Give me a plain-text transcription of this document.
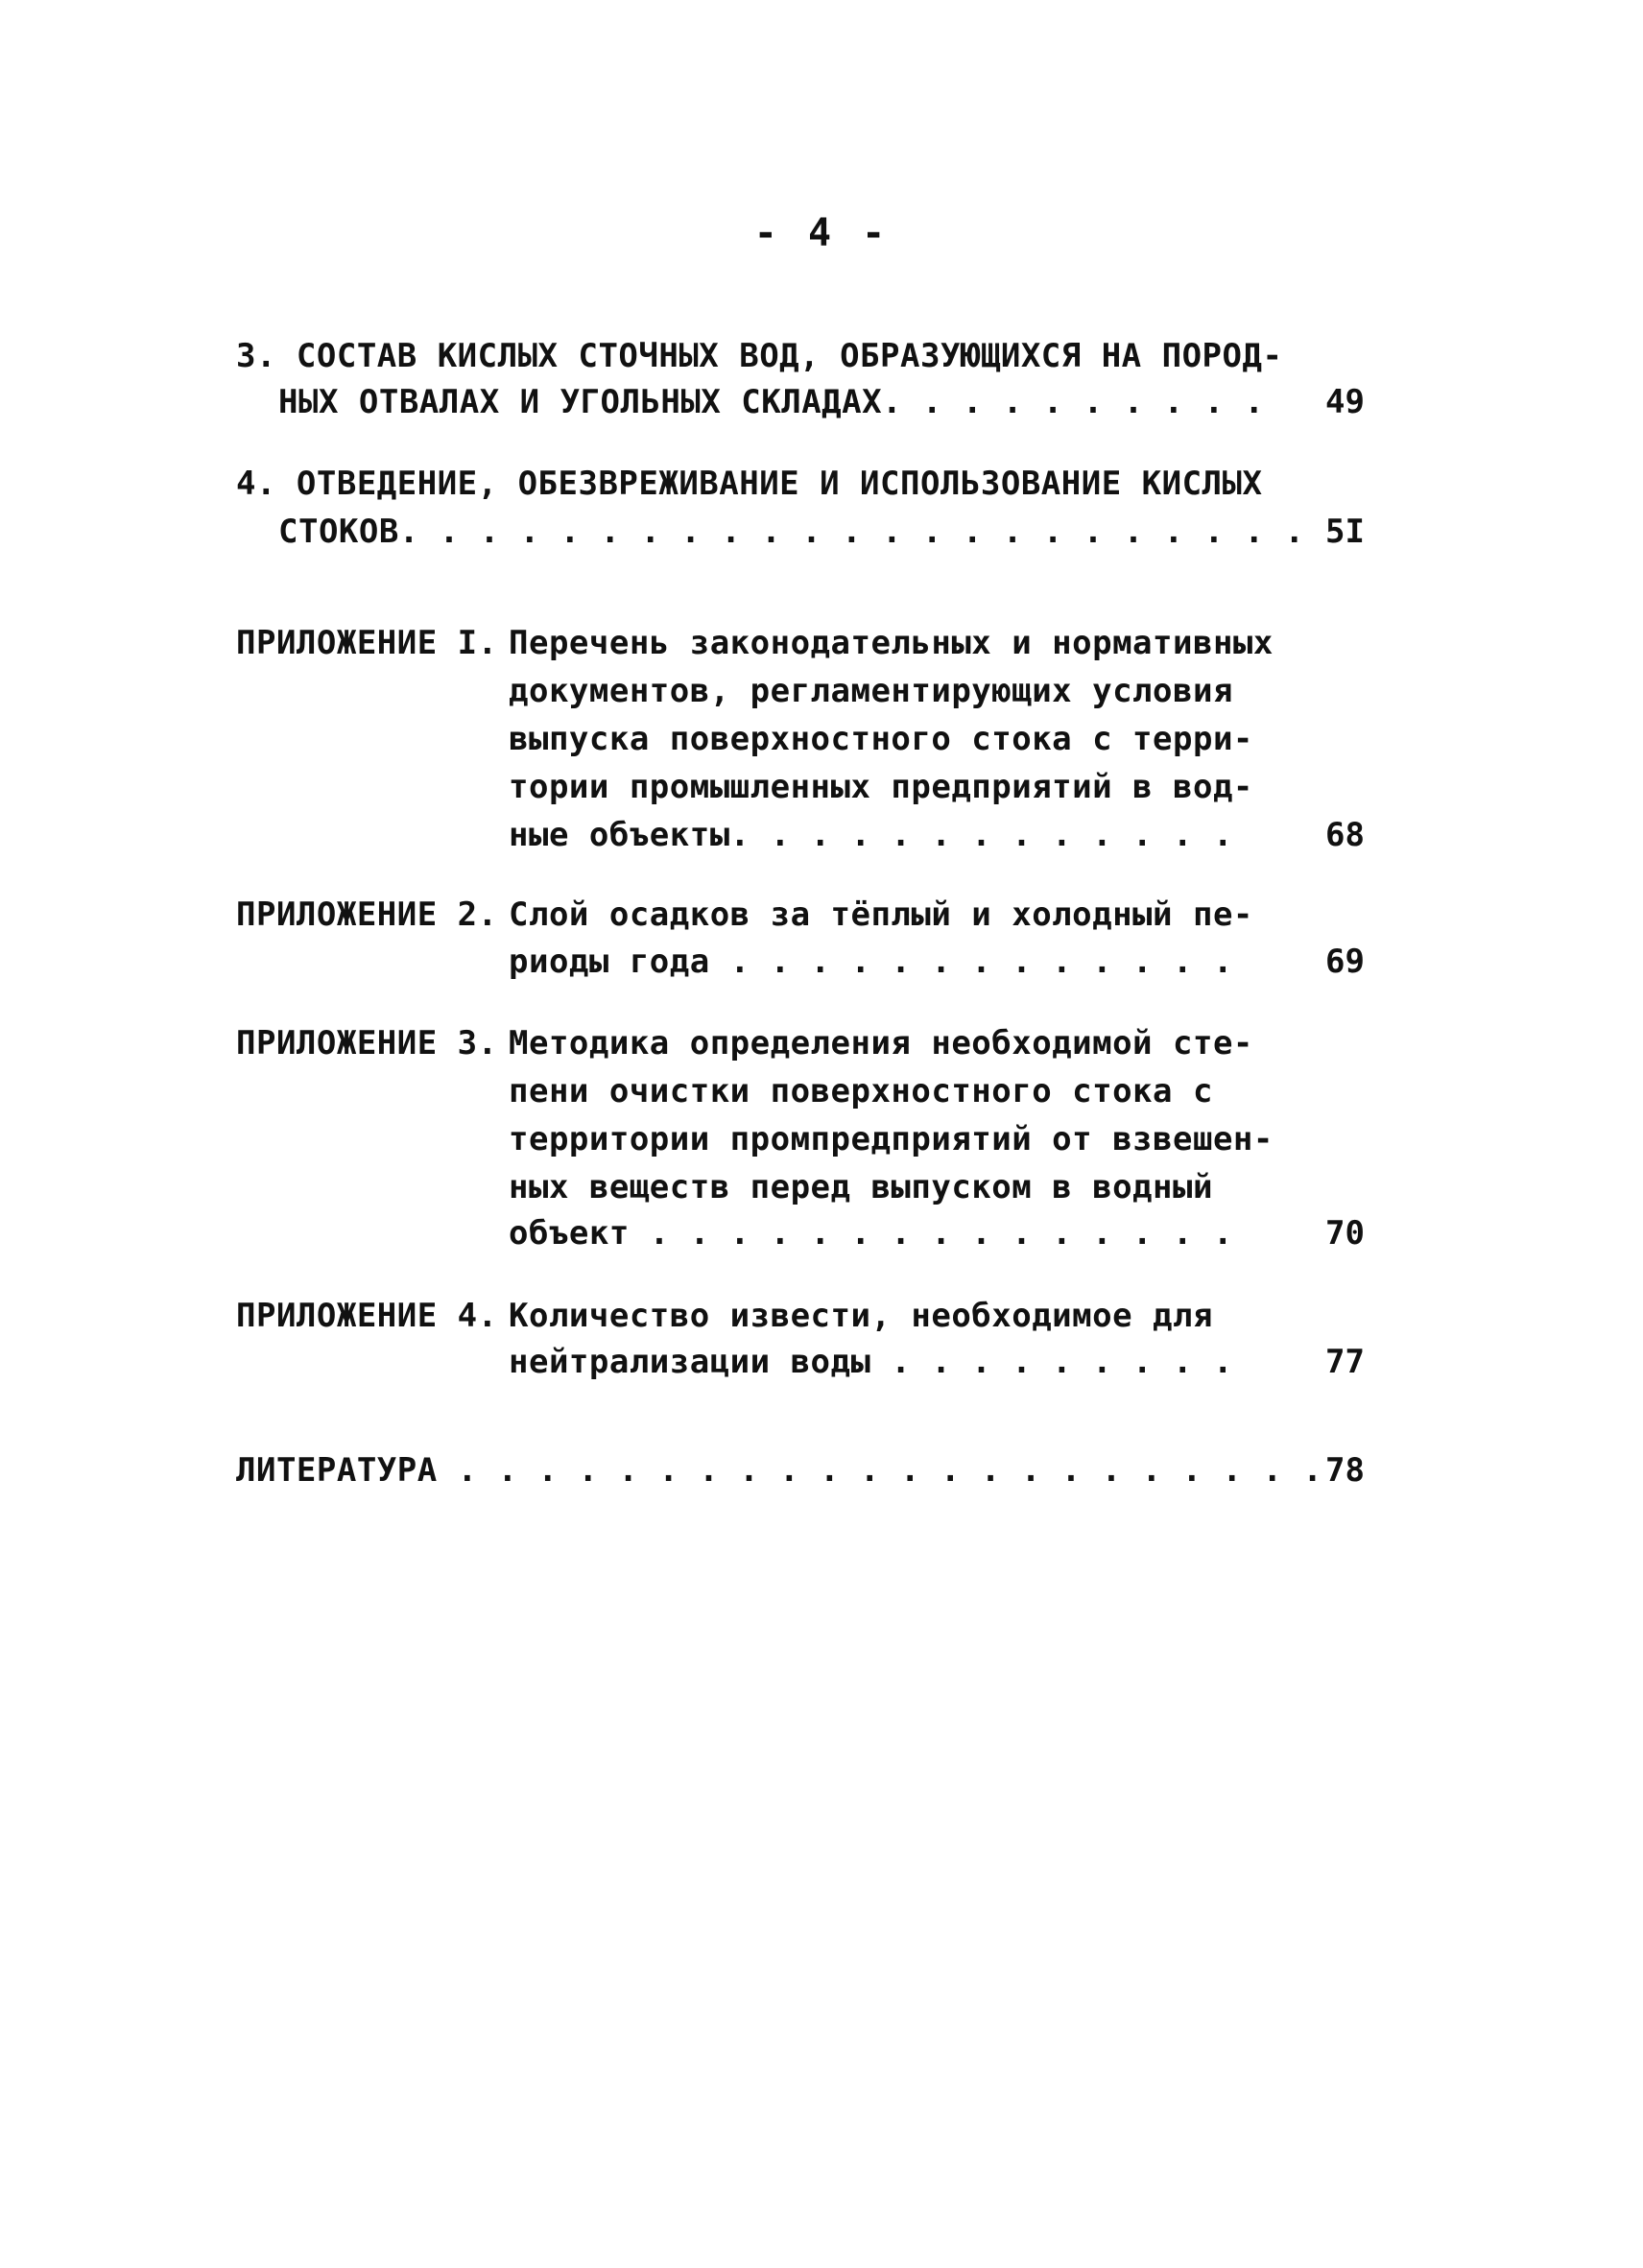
- 4 -
3. СОСТАВ КИСЛЫХ СТОЧНЫХ ВОД, ОБРАЗУЮЩИХСЯ НА ПОРОД-
НЫХ ОТВАЛАХ И УГОЛЬНЫХ СКЛАДАХ. . . . . . . . . .	49
4. ОТВЕДЕНИЕ, ОБЕЗВРЕЖИВАНИЕ И ИСПОЛЬЗОВАНИЕ КИСЛЫХ
СТОКОВ. . . . . . . . . . . . . . . . . . . . . . . 5I
ПРИЛОЖЕНИЕ I. Перечень законодательных и нормативных
документов, регламентирующих условия
выпуска поверхностного стока с терри-
тории промышленных предприятий в вод-
ные объекты. . . . . . . . . . . . .	68
ПРИЛОЖЕНИЕ 2. Слой осадков за тёплый и холодный пе-
риоды года . . . . . . . . . . . . .	69
ПРИЛОЖЕНИЕ 3. Методика определения необходимой сте-
пени очистки поверхностного стока с
территории промпредприятий от взвешен-
ных веществ перед выпуском в водный
объект . . . . . . . . . . . . . . .	70
ПРИЛОЖЕНИЕ 4. Количество извести, необходимое для
нейтрализации воды . . . . . . . . .	77
ЛИТЕРАТУРА . . . . . . . . . . . . . . . . . . . . . . 78
